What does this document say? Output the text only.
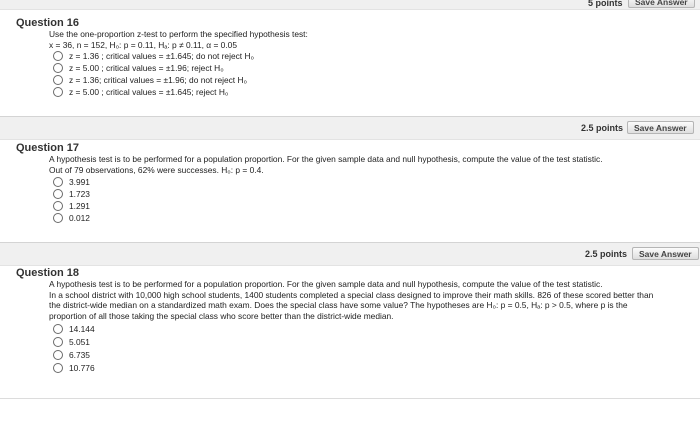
5 points	Save Answer
Question 16
Use the one-proportion z-test to perform the specified hypothesis test:
x = 36, n = 152, H₀: p = 0.11, Hₐ: p ≠ 0.11, α = 0.05
z = 1.36 ; critical values = ±1.645; do not reject H₀
z = 5.00 ; critical values = ±1.96; reject H₀
z = 1.36; critical values = ±1.96; do not reject H₀
z = 5.00 ; critical values = ±1.645; reject H₀
2.5 points	Save Answer
Question 17
A hypothesis test is to be performed for a population proportion. For the given sample data and null hypothesis, compute the value of the test statistic.
Out of 79 observations, 62% were successes. H₀: p = 0.4.
3.991
1.723
1.291
0.012
2.5 points	Save Answer
Question 18
A hypothesis test is to be performed for a population proportion. For the given sample data and null hypothesis, compute the value of the test statistic.
In a school district with 10,000 high school students, 1400 students completed a special class designed to improve their math skills. 826 of these scored better than
the district-wide median on a standardized math exam. Does the special class have some value? The hypotheses are H₀: p = 0.5, Hₐ: p > 0.5, where p is the
proportion of all those taking the special class who score better than the district-wide median.
14.144
5.051
6.735
10.776
